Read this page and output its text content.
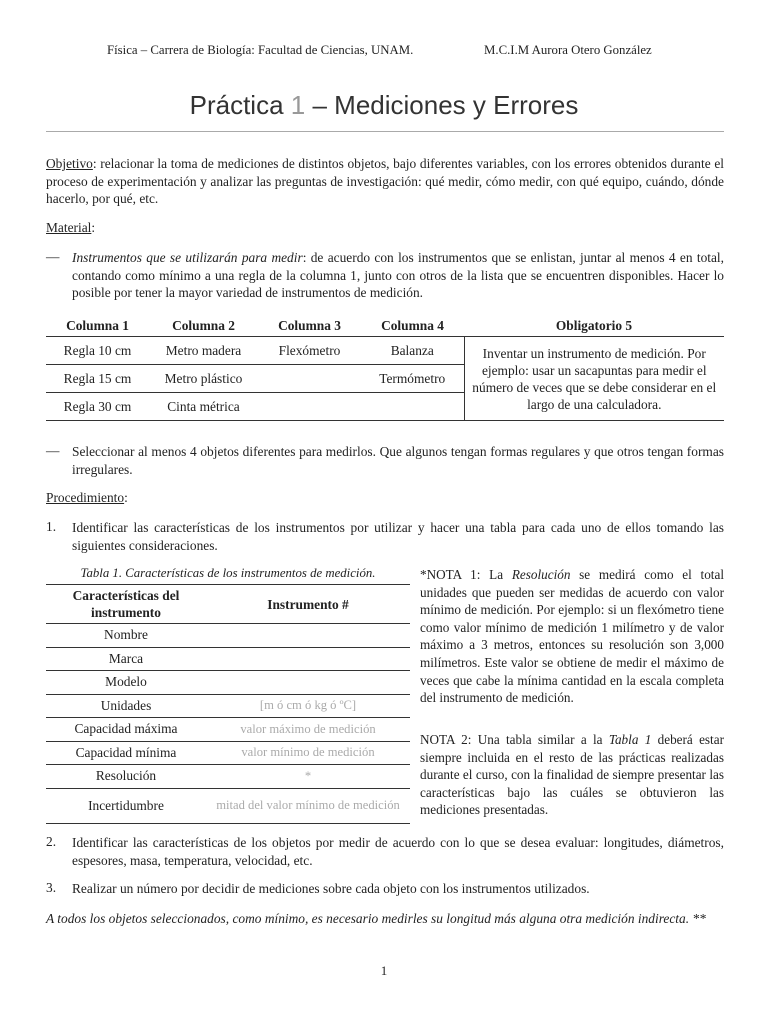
Física – Carrera de Biología: Facultad de Ciencias, UNAM.	M.C.I.M Aurora Otero González
Práctica 1 – Mediciones y Errores
Objetivo: relacionar la toma de mediciones de distintos objetos, bajo diferentes variables, con los errores obtenidos durante el proceso de experimentación y analizar las preguntas de investigación: qué medir, cómo medir, con qué equipo, cuándo, dónde hacerlo, por qué, etc.
Material:
— Instrumentos que se utilizarán para medir: de acuerdo con los instrumentos que se enlistan, juntar al menos 4 en total, contando como mínimo a una regla de la columna 1, junto con otros de la lista que se encuentren disponibles. Hacer lo posible por tener la mayor variedad de instrumentos de medición.
Columna 1	Columna 2	Columna 3	Columna 4	Obligatorio 5
Regla 10 cm	Metro madera	Flexómetro	Balanza	Inventar un instrumento de medición. Por ejemplo: usar un sacapuntas para medir el número de veces que se debe considerar en el largo de una calculadora.
Regla 15 cm	Metro plástico		Termómetro	
Regla 30 cm	Cinta métrica			
— Seleccionar al menos 4 objetos diferentes para medirlos. Que algunos tengan formas regulares y que otros tengan formas irregulares.
Procedimiento:
1. Identificar las características de los instrumentos por utilizar y hacer una tabla para cada uno de ellos tomando las siguientes consideraciones.
Tabla 1. Características de los instrumentos de medición.
Características del instrumento	Instrumento #
Nombre	
Marca	
Modelo	
Unidades	[m ó cm ó kg ó ºC]
Capacidad máxima	valor máximo de medición
Capacidad mínima	valor mínimo de medición
Resolución	*
Incertidumbre	mitad del valor mínimo de medición
*NOTA 1: La Resolución se medirá como el total unidades que pueden ser medidas de acuerdo con valor mínimo de medición. Por ejemplo: si un flexómetro tiene como valor mínimo de medición 1 milímetro y de valor máximo a 3 metros, entonces su resolución son 3,000 milímetros. Este valor se obtiene de medir el máximo de veces que cabe la mínima cantidad en la escala completa del instrumento de medición.
NOTA 2: Una tabla similar a la Tabla 1 deberá estar siempre incluida en el resto de las prácticas realizadas durante el curso, con la finalidad de siempre presentar las características bajo las cuáles se obtuvieron las mediciones presentadas.
2. Identificar las características de los objetos por medir de acuerdo con lo que se desea evaluar: longitudes, diámetros, espesores, masa, temperatura, velocidad, etc.
3. Realizar un número por decidir de mediciones sobre cada objeto con los instrumentos utilizados.
A todos los objetos seleccionados, como mínimo, es necesario medirles su longitud más alguna otra medición indirecta. **
1
